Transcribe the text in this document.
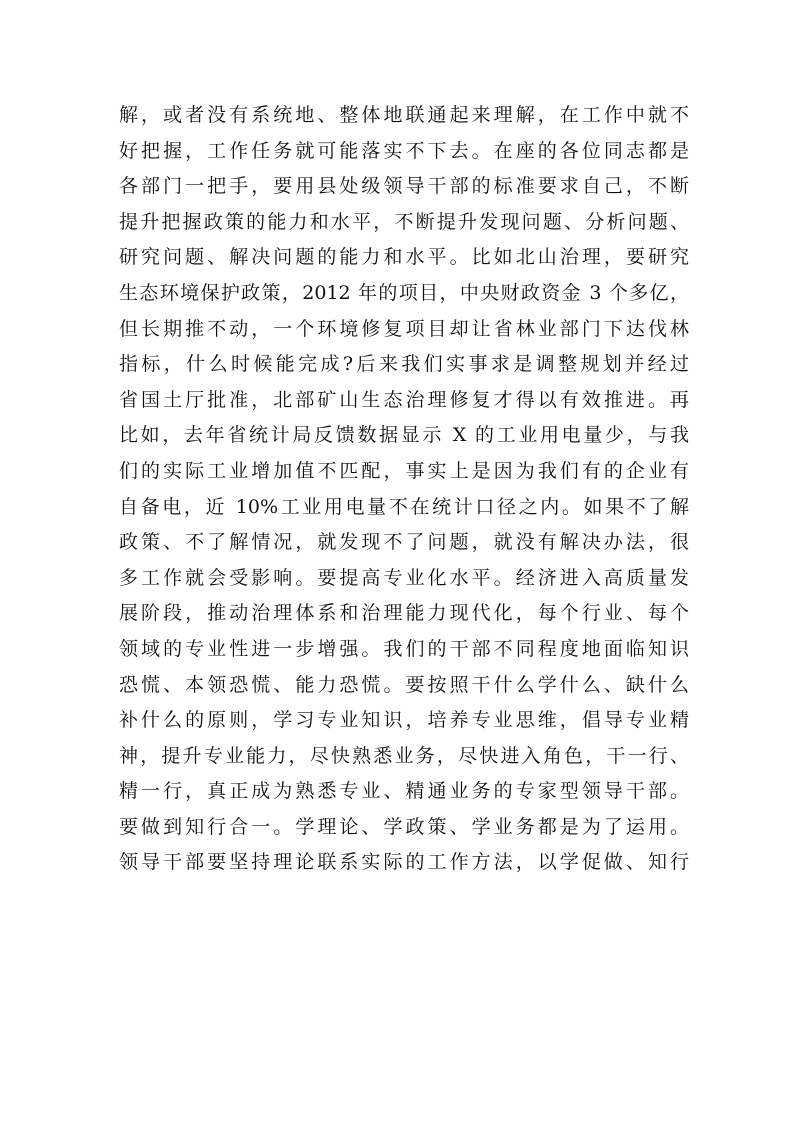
解，或者没有系统地、整体地联通起来理解，在工作中就不
好把握，工作任务就可能落实不下去。在座的各位同志都是
各部门一把手，要用县处级领导干部的标准要求自己，不断
提升把握政策的能力和水平，不断提升发现问题、分析问题、
研究问题、解决问题的能力和水平。比如北山治理，要研究
生态环境保护政策，2012 年的项目，中央财政资金 3 个多亿，
但长期推不动，一个环境修复项目却让省林业部门下达伐林
指标，什么时候能完成?后来我们实事求是调整规划并经过
省国土厅批准，北部矿山生态治理修复才得以有效推进。再
比如，去年省统计局反馈数据显示 X 的工业用电量少，与我
们的实际工业增加值不匹配，事实上是因为我们有的企业有
自备电，近 10%工业用电量不在统计口径之内。如果不了解
政策、不了解情况，就发现不了问题，就没有解决办法，很
多工作就会受影响。要提高专业化水平。经济进入高质量发
展阶段，推动治理体系和治理能力现代化，每个行业、每个
领域的专业性进一步增强。我们的干部不同程度地面临知识
恐慌、本领恐慌、能力恐慌。要按照干什么学什么、缺什么
补什么的原则，学习专业知识，培养专业思维，倡导专业精
神，提升专业能力，尽快熟悉业务，尽快进入角色，干一行、
精一行，真正成为熟悉专业、精通业务的专家型领导干部。
要做到知行合一。学理论、学政策、学业务都是为了运用。
领导干部要坚持理论联系实际的工作方法，以学促做、知行
